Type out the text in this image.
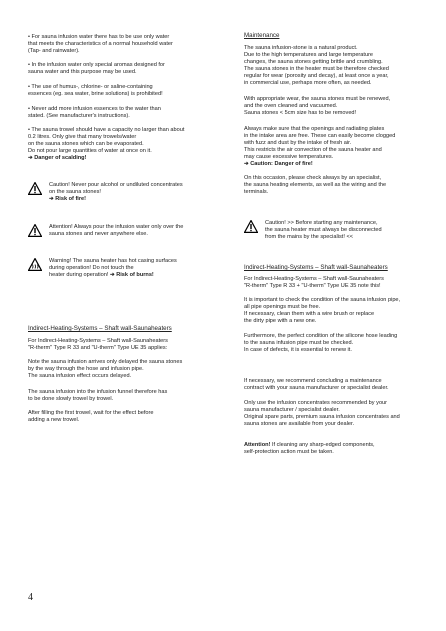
• For sauna infusion water there has to be use only water

that meets the characteristics of a normal household water

(Tap- and rainwater).

• In the infusion water only special aromas designed for

sauna water and this purpose may be used.

• The use of humus-, chlorine- or saline-containing

essences (eg. sea water, brine solutions) is prohibited!

• Never add more infusion essences to the water than

stated. (See manufacturer's instructions).

• The sauna trowel should have a capacity no larger than about

0.2 litres. Only give that many trowels/water

on the sauna stones which can be evaporated.

Do not pour large quantities of water at once on it.

➔ Danger of scalding!

Caution! Never pour alcohol or undiluted concentrates

on the sauna stones!

➔ Risk of fire!

Attention! Always pour the infusion water only over the

sauna stones and never anywhere else.

Warning! The sauna heater has hot casing surfaces

during operation! Do not touch the

heater during operation! ➔ Risk of burns!

Indirect-Heating-Systems – Shaft wall-Saunaheaters

For Indirect-Heating-Systems – Shaft wall-Saunaheaters

"R-therm" Type R 33 and "U-therm" Type UE 35 applies:

Note the sauna infusion arrives only delayed the sauna stones

by the way through the hose and infusion pipe.

The sauna infusion effect occurs delayed.

The sauna infusion into the infusion funnel therefore has

to be done slowly trowel by trowel.

After filling the first trowel, wait for the effect before

adding a new trowel.

Maintenance

The sauna infusion-stone is a natural product.

Due to the high temperatures and large temperature

changes, the sauna stones getting brittle and crumbling.

The sauna stones in the heater must be therefore checked

regular for wear (porosity and decay), at least once a year,

in commercial use, perhaps more often, as needed.

With appropriate wear, the sauna stones must be renewed,

and the oven cleaned and vacuumed.

Sauna stones < 5cm size has to be removed!

Always make sure that the openings and radiating plates

in the intake area are free. These can easily become clogged

with fuzz and dust by the intake of fresh air.

This restricts the air convection of the sauna heater and

may cause excessive temperatures.

➔ Caution: Danger of fire!

On this occasion, please check always by an specialist,

the sauna heating elements, as well as the wiring and the

terminals.

Caution! >> Before starting any maintenance,

the sauna heater must always be disconnected

from the mains by the specialist! <<

Indirect-Heating-Systems – Shaft wall-Saunaheaters

For Indirect-Heating-Systems – Shaft wall-Saunaheaters

"R-therm" Type R 33 + "U-therm" Type UE 35 note this!

It is important to check the condition of the sauna infusion pipe,

all pipe openings must be free.

If necessary, clean them with a wire brush or replace

the dirty pipe with a new one.

Furthermore, the perfect condition of the silicone hose leading

to the sauna infusion pipe must be checked.

In case of defects, it is essential to renew it.

If necessary, we recommend concluding a maintenance

contract with your sauna manufacturer or specialist dealer.

Only use the infusion concentrates recommended by your

sauna manufacturer / specialist dealer.

Original spare parts, premium sauna infusion concentrates and

sauna stones are available from your dealer.

Attention! If cleaning any sharp-edged components,

self-protection action must be taken.

4
